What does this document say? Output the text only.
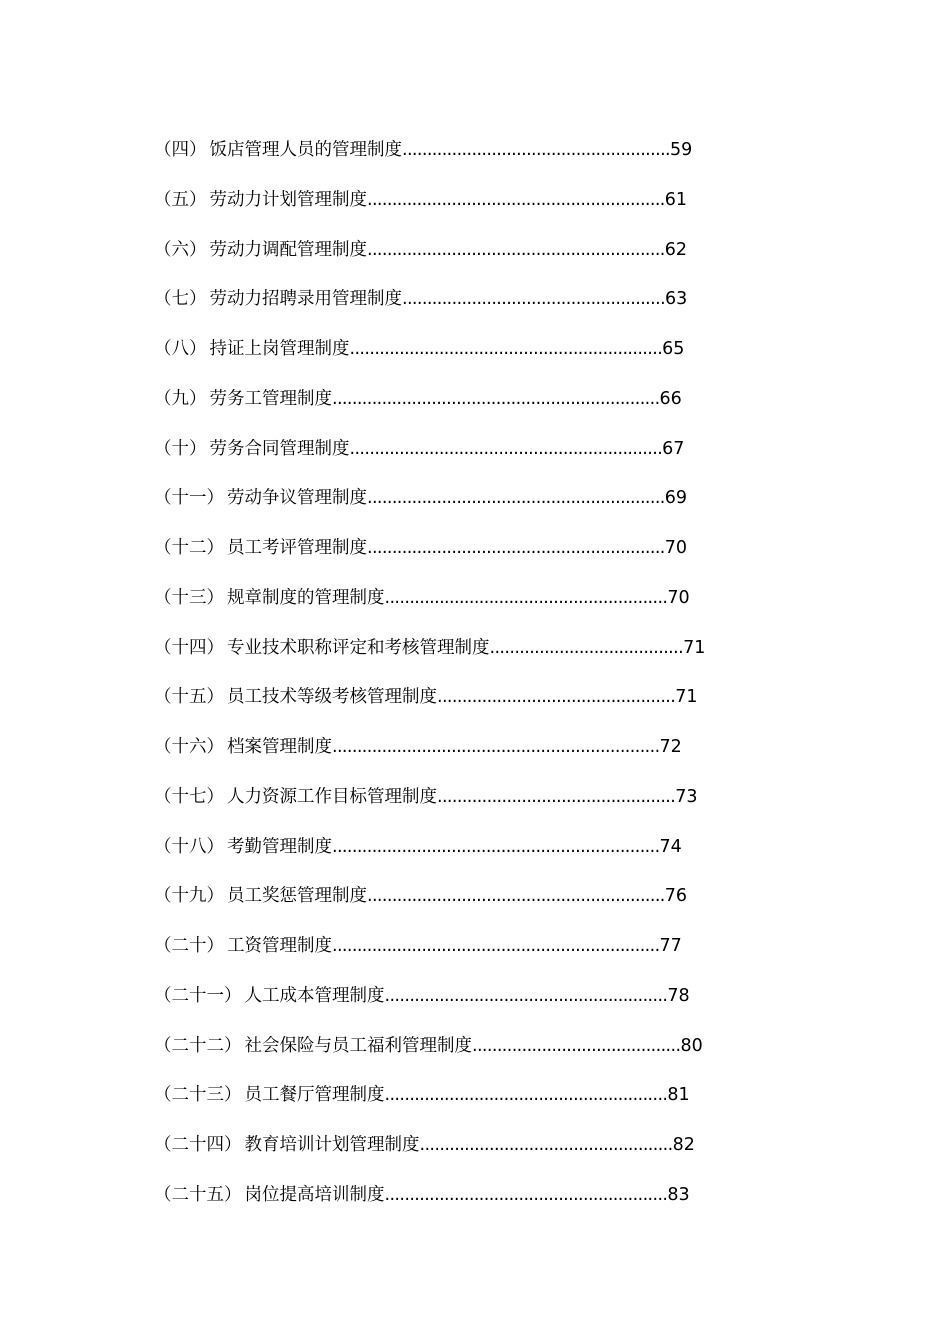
（四） 饭店管理人员的管理制度 ...................................................... 59
（五） 劳动力计划管理制度 ............................................................ 61
（六） 劳动力调配管理制度 ............................................................ 62
（七） 劳动力招聘录用管理制度 ..................................................... 63
（八） 持证上岗管理制度 ............................................................... 65
（九） 劳务工管理制度 .................................................................. 66
（十） 劳务合同管理制度 ............................................................... 67
（十一） 劳动争议管理制度 ............................................................ 69
（十二） 员工考评管理制度 ............................................................ 70
（十三） 规章制度的管理制度 ......................................................... 70
（十四） 专业技术职称评定和考核管理制度 ....................................... 71
（十五） 员工技术等级考核管理制度 ................................................ 71
（十六） 档案管理制度 .................................................................. 72
（十七） 人力资源工作目标管理制度 ................................................ 73
（十八） 考勤管理制度 .................................................................. 74
（十九） 员工奖惩管理制度 ............................................................ 76
（二十） 工资管理制度 .................................................................. 77
（二十一） 人工成本管理制度 ......................................................... 78
（二十二） 社会保险与员工福利管理制度 .......................................... 80
（二十三） 员工餐厅管理制度 ......................................................... 81
（二十四） 教育培训计划管理制度 ................................................... 82
（二十五） 岗位提高培训制度 ......................................................... 83
